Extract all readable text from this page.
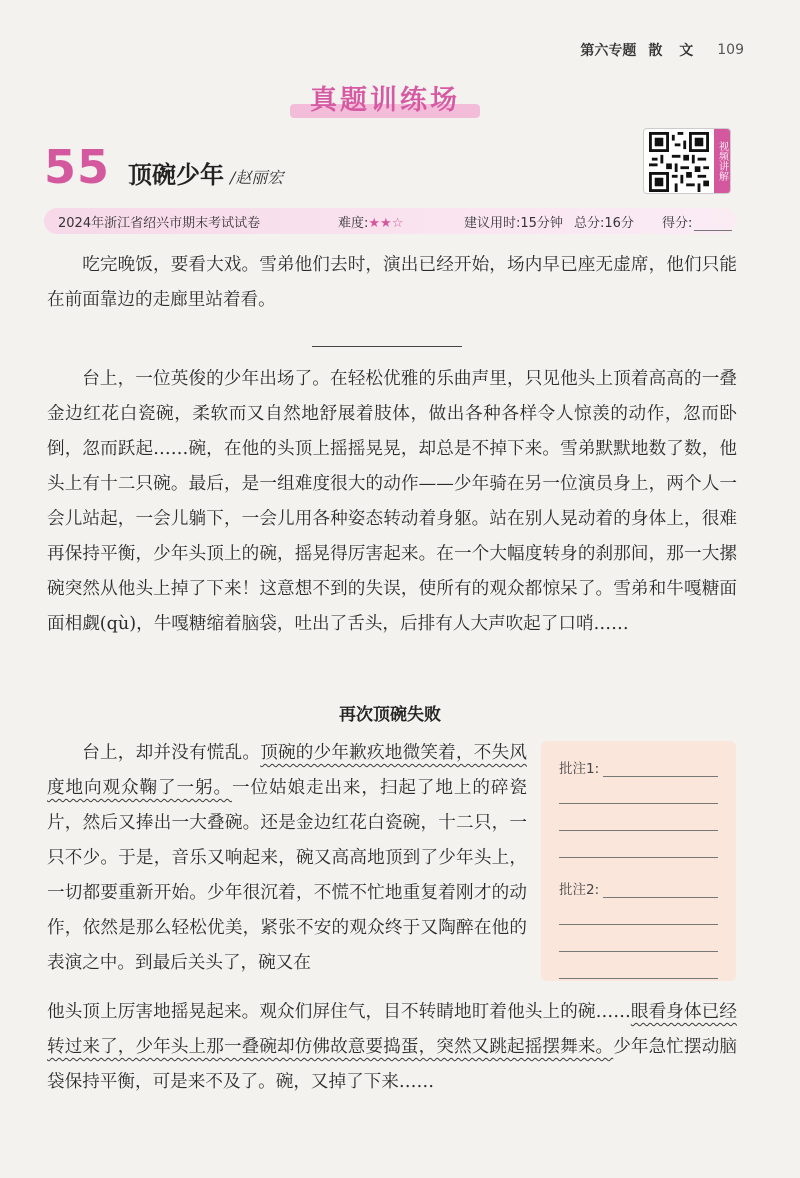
第六专题 散 文 109
真题训练场
55 顶碗少年 /赵丽宏	视频讲解
2024年浙江省绍兴市期末考试试卷	难度:★★☆	建议用时:15分钟 总分:16分	得分:
吃完晚饭，要看大戏。雪弟他们去时，演出已经开始，场内早已座无虚席，他们只能在前面靠边的走廊里站着看。
台上，一位英俊的少年出场了。在轻松优雅的乐曲声里，只见他头上顶着高高的一叠金边红花白瓷碗，柔软而又自然地舒展着肢体，做出各种各样令人惊羡的动作，忽而卧倒，忽而跃起……碗，在他的头顶上摇摇晃晃，却总是不掉下来。雪弟默默地数了数，他头上有十二只碗。最后，是一组难度很大的动作——少年骑在另一位演员身上，两个人一会儿站起，一会儿躺下，一会儿用各种姿态转动着身躯。站在别人晃动着的身体上，很难再保持平衡，少年头顶上的碗，摇晃得厉害起来。在一个大幅度转身的刹那间，那一大摞碗突然从他头上掉了下来！这意想不到的失误，使所有的观众都惊呆了。雪弟和牛嘎糖面面相觑(qù)，牛嘎糖缩着脑袋，吐出了舌头，后排有人大声吹起了口哨……
再次顶碗失败
台上，却并没有慌乱。顶碗的少年歉疚地微笑着，不失风度地向观众鞠了一躬。一位姑娘走出来，扫起了地上的碎瓷片，然后又捧出一大叠碗。还是金边红花白瓷碗，十二只，一只不少。于是，音乐又响起来，碗又高高地顶到了少年头上，一切都要重新开始。少年很沉着，不慌不忙地重复着刚才的动作，依然是那么轻松优美，紧张不安的观众终于又陶醉在他的表演之中。到最后关头了，碗又在
批注1:
批注2:
他头顶上厉害地摇晃起来。观众们屏住气，目不转睛地盯着他头上的碗……眼看身体已经转过来了，少年头上那一叠碗却仿佛故意要捣蛋，突然又跳起摇摆舞来。少年急忙摆动脑袋保持平衡，可是来不及了。碗，又掉了下来……
